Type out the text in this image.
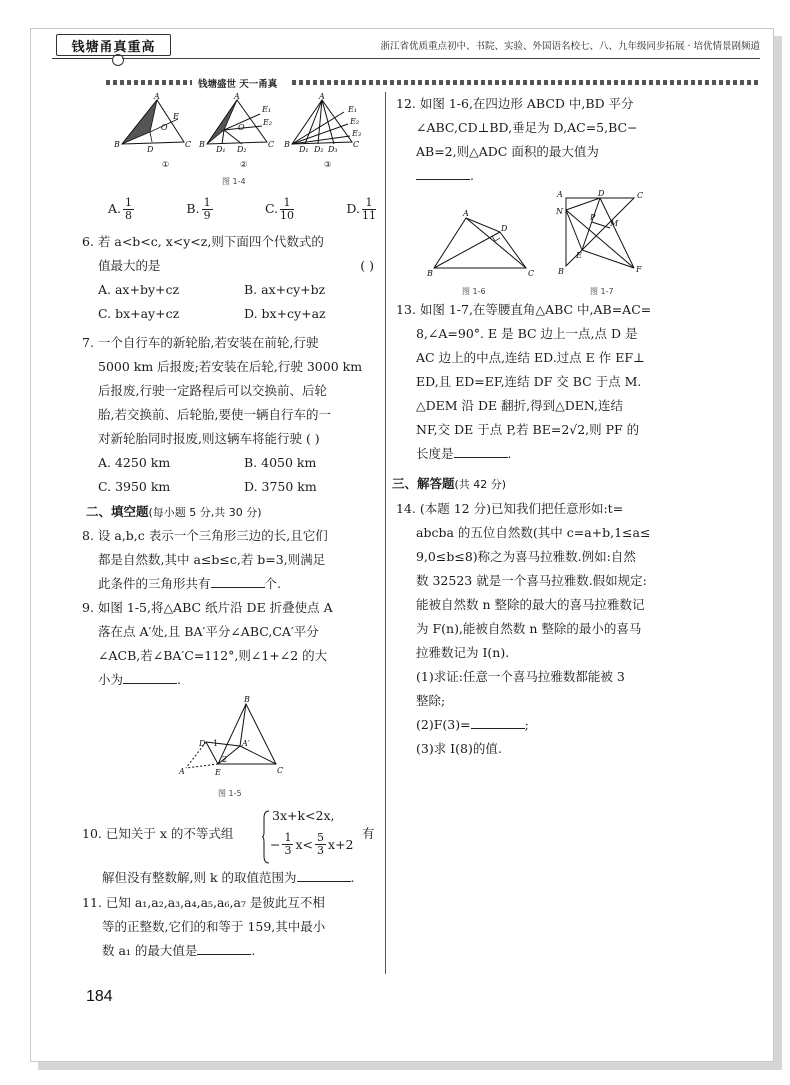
钱塘甬真重高	浙江省优质重点初中、书院、实验、外国语名校七、八、九年级同步拓展 · 培优情景剧频道
钱塘盛世 天一甬真
B	C
A
D
E
O
①
B	C
A
D₁ D₂
E₁
E₂
O
②
B	C
A
D₁ D₂ D₃
E₁
E₂
E₃
③
图 1-4
A. $\frac{1}{8}$	B. $\frac{1}{9}$	C. $\frac{1}{10}$	D. $\frac{1}{11}$
6. 若 a<b<c, x<y<z,则下面四个代数式的
值最大的是	( )
A. ax+by+cz	B. ax+cy+bz
C. bx+ay+cz	D. bx+cy+az
7. 一个自行车的新轮胎,若安装在前轮,行驶
5000 km 后报废;若安装在后轮,行驶 3000 km
后报废,行驶一定路程后可以交换前、后轮
胎,若交换前、后轮胎,要使一辆自行车的一
对新轮胎同时报废,则这辆车将能行驶 ( )
A. 4250 km	B. 4050 km
C. 3950 km	D. 3750 km
二、填空题(每小题 5 分,共 30 分)
8. 设 a,b,c 表示一个三角形三边的长,且它们
都是自然数,其中 a≤b≤c,若 b=3,则满足
此条件的三角形共有	个.
9. 如图 1-5,将△ABC 纸片沿 DE 折叠使点 A
落在点 A′处,且 BA′平分∠ABC,CA′平分
∠ACB,若∠BA′C=112°,则∠1+∠2 的大
小为	.
B
C
A
D
E
A′
1
2
图 1-5
10. 已知关于 x 的不等式组
3x+k<2x,
− $\frac{1}{3} x< \frac{5}{3} x+2$
有
解但没有整数解,则 k 的取值范围为	.
11. 已知 a₁,a₂,a₃,a₄,a₅,a₆,a₇ 是彼此互不相
等的正整数,它们的和等于 159,其中最小
数 a₁ 的最大值是	.
12. 如图 1-6,在四边形 ABCD 中,BD 平分
∠ABC,CD⊥BD,垂足为 D,AC=5,BC−
AB=2,则△ADC 面积的最大值为
.
B	C
A
D
图 1-6
A	C
B
D
N
E
F
M
P
图 1-7
13. 如图 1-7,在等腰直角△ABC 中,AB=AC=
8,∠A=90°. E 是 BC 边上一点,点 D 是
AC 边上的中点,连结 ED.过点 E 作 EF⊥
ED,且 ED=EF,连结 DF 交 BC 于点 M.
△DEM 沿 DE 翻折,得到△DEN,连结
NF,交 DE 于点 P,若 BE=2√2,则 PF 的
长度是	.
三、解答题(共 42 分)
14. (本题 12 分)已知我们把任意形如:t=
abcba 的五位自然数(其中 c=a+b,1≤a≤
9,0≤b≤8)称之为喜马拉雅数.例如:自然
数 32523 就是一个喜马拉雅数.假如规定:
能被自然数 n 整除的最大的喜马拉雅数记
为 F(n),能被自然数 n 整除的最小的喜马
拉雅数记为 I(n).
(1)求证:任意一个喜马拉雅数都能被 3
整除;
(2)F(3)=	;
(3)求 I(8)的值.
184
